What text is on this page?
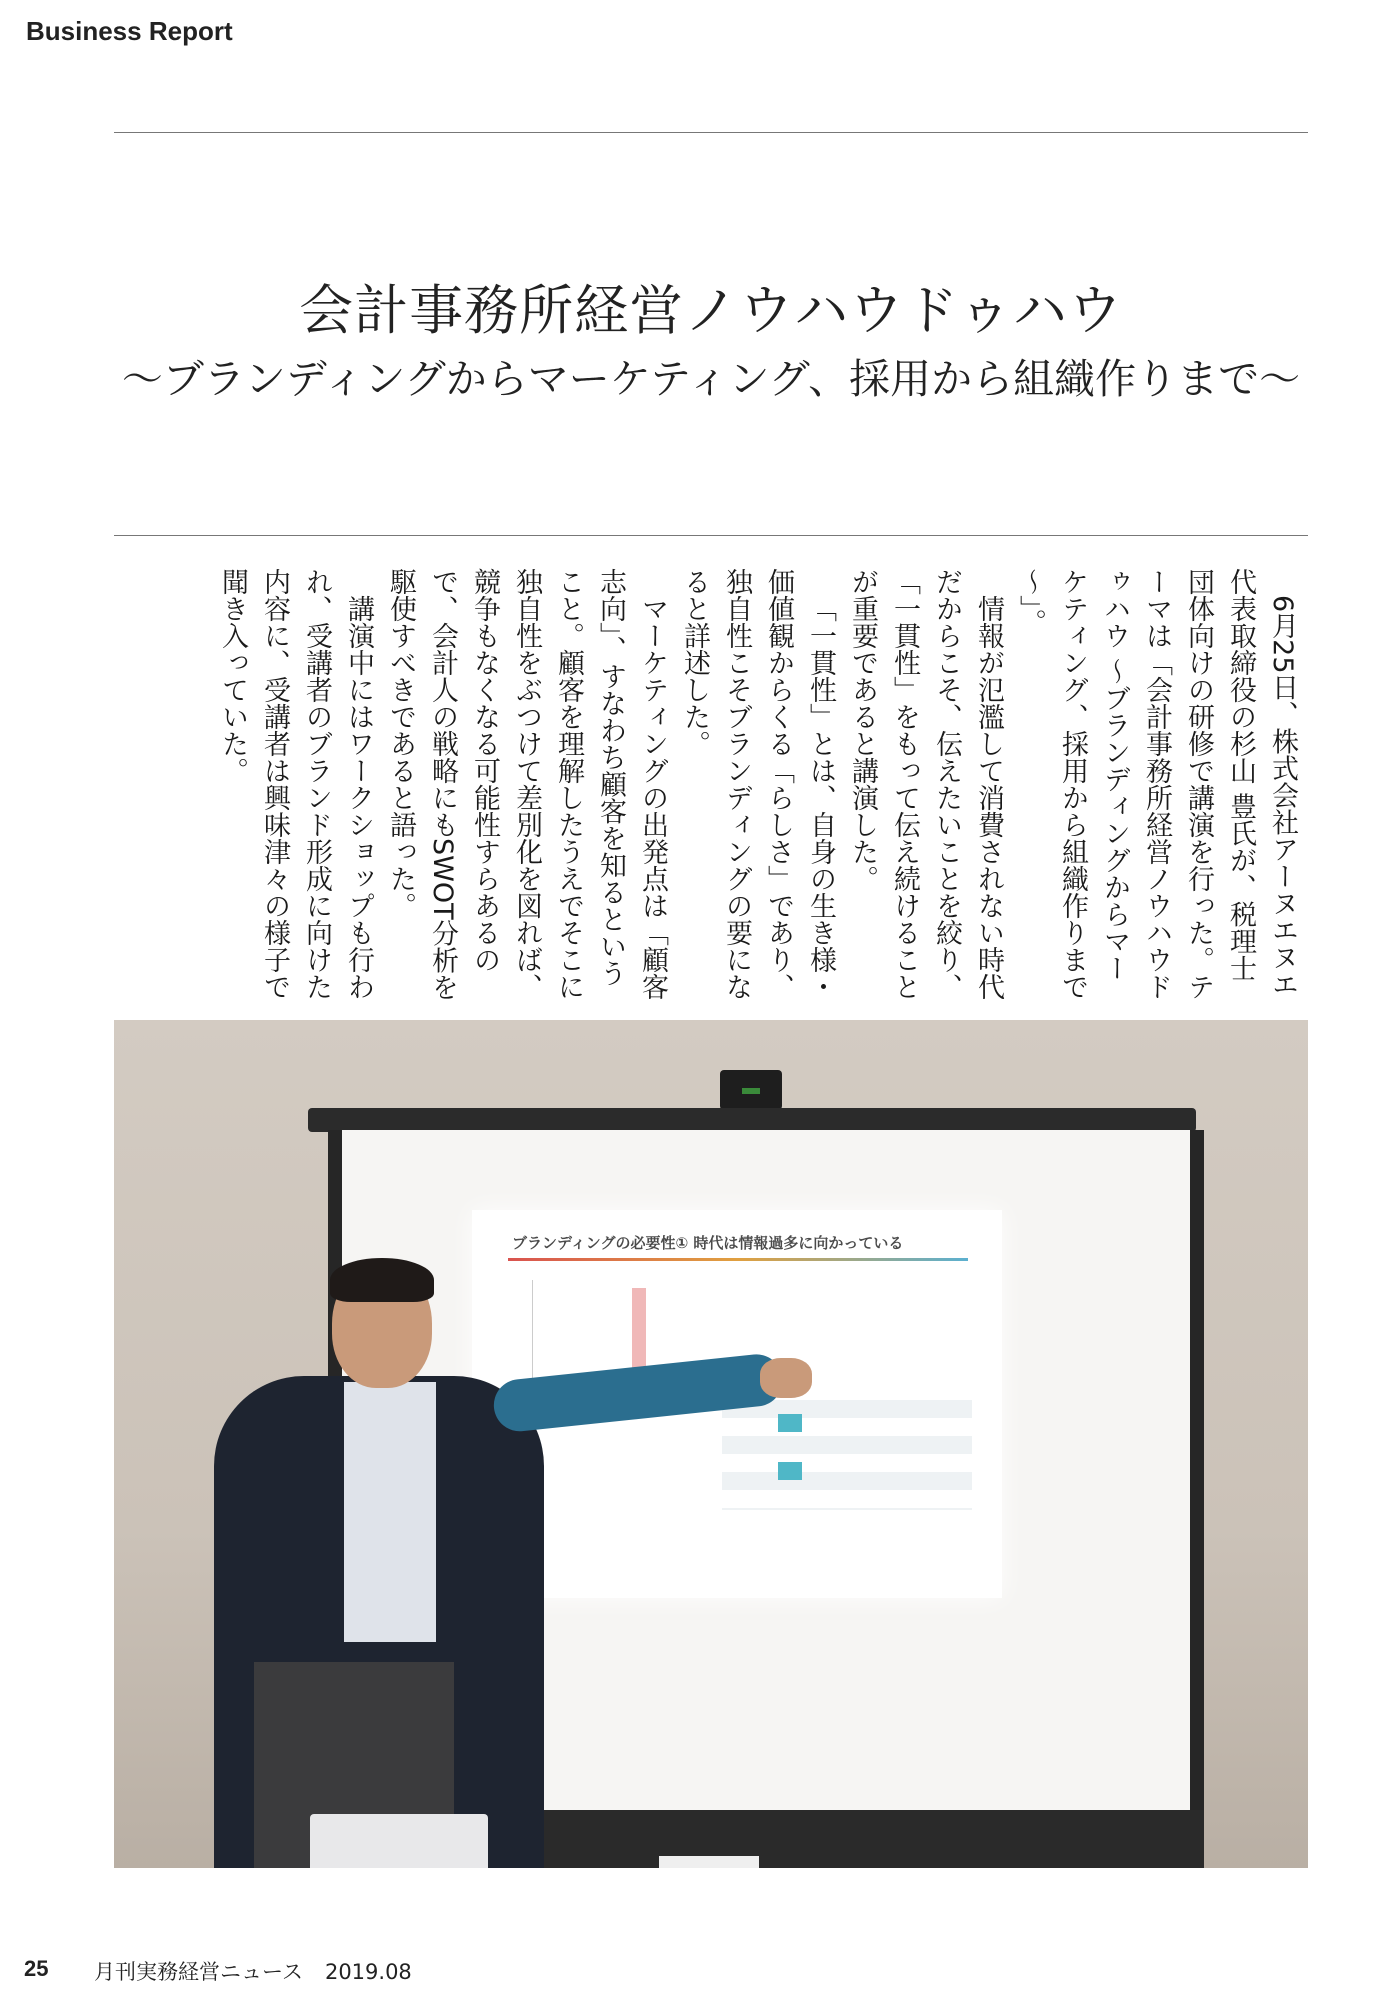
Business Report
会計事務所経営ノウハウドゥハウ
～ブランディングからマーケティング、採用から組織作りまで～

6月25日、株式会社アーヌエヌエ代表取締役の杉山 豊氏が、税理士団体向けの研修で講演を行った。テーマは「会計事務所経営ノウハウドゥハウ ～ブランディングからマーケティング、採用から組織作りまで～」。

情報が氾濫して消費されない時代だからこそ、伝えたいことを絞り、「一貫性」をもって伝え続けることが重要であると講演した。

「一貫性」とは、自身の生き様・価値観からくる「らしさ」であり、独自性こそブランディングの要になると詳述した。

マーケティングの出発点は「顧客志向」、すなわち顧客を知るということ。顧客を理解したうえでそこに独自性をぶつけて差別化を図れば、競争もなくなる可能性すらあるので、会計人の戦略にもSWOT分析を駆使すべきであると語った。

講演中にはワークショップも行われ、受講者のブランド形成に向けた内容に、受講者は興味津々の様子で聞き入っていた。

ブランディングの必要性① 時代は情報過多に向かっている
25 月刊実務経営ニュース 2019.08
